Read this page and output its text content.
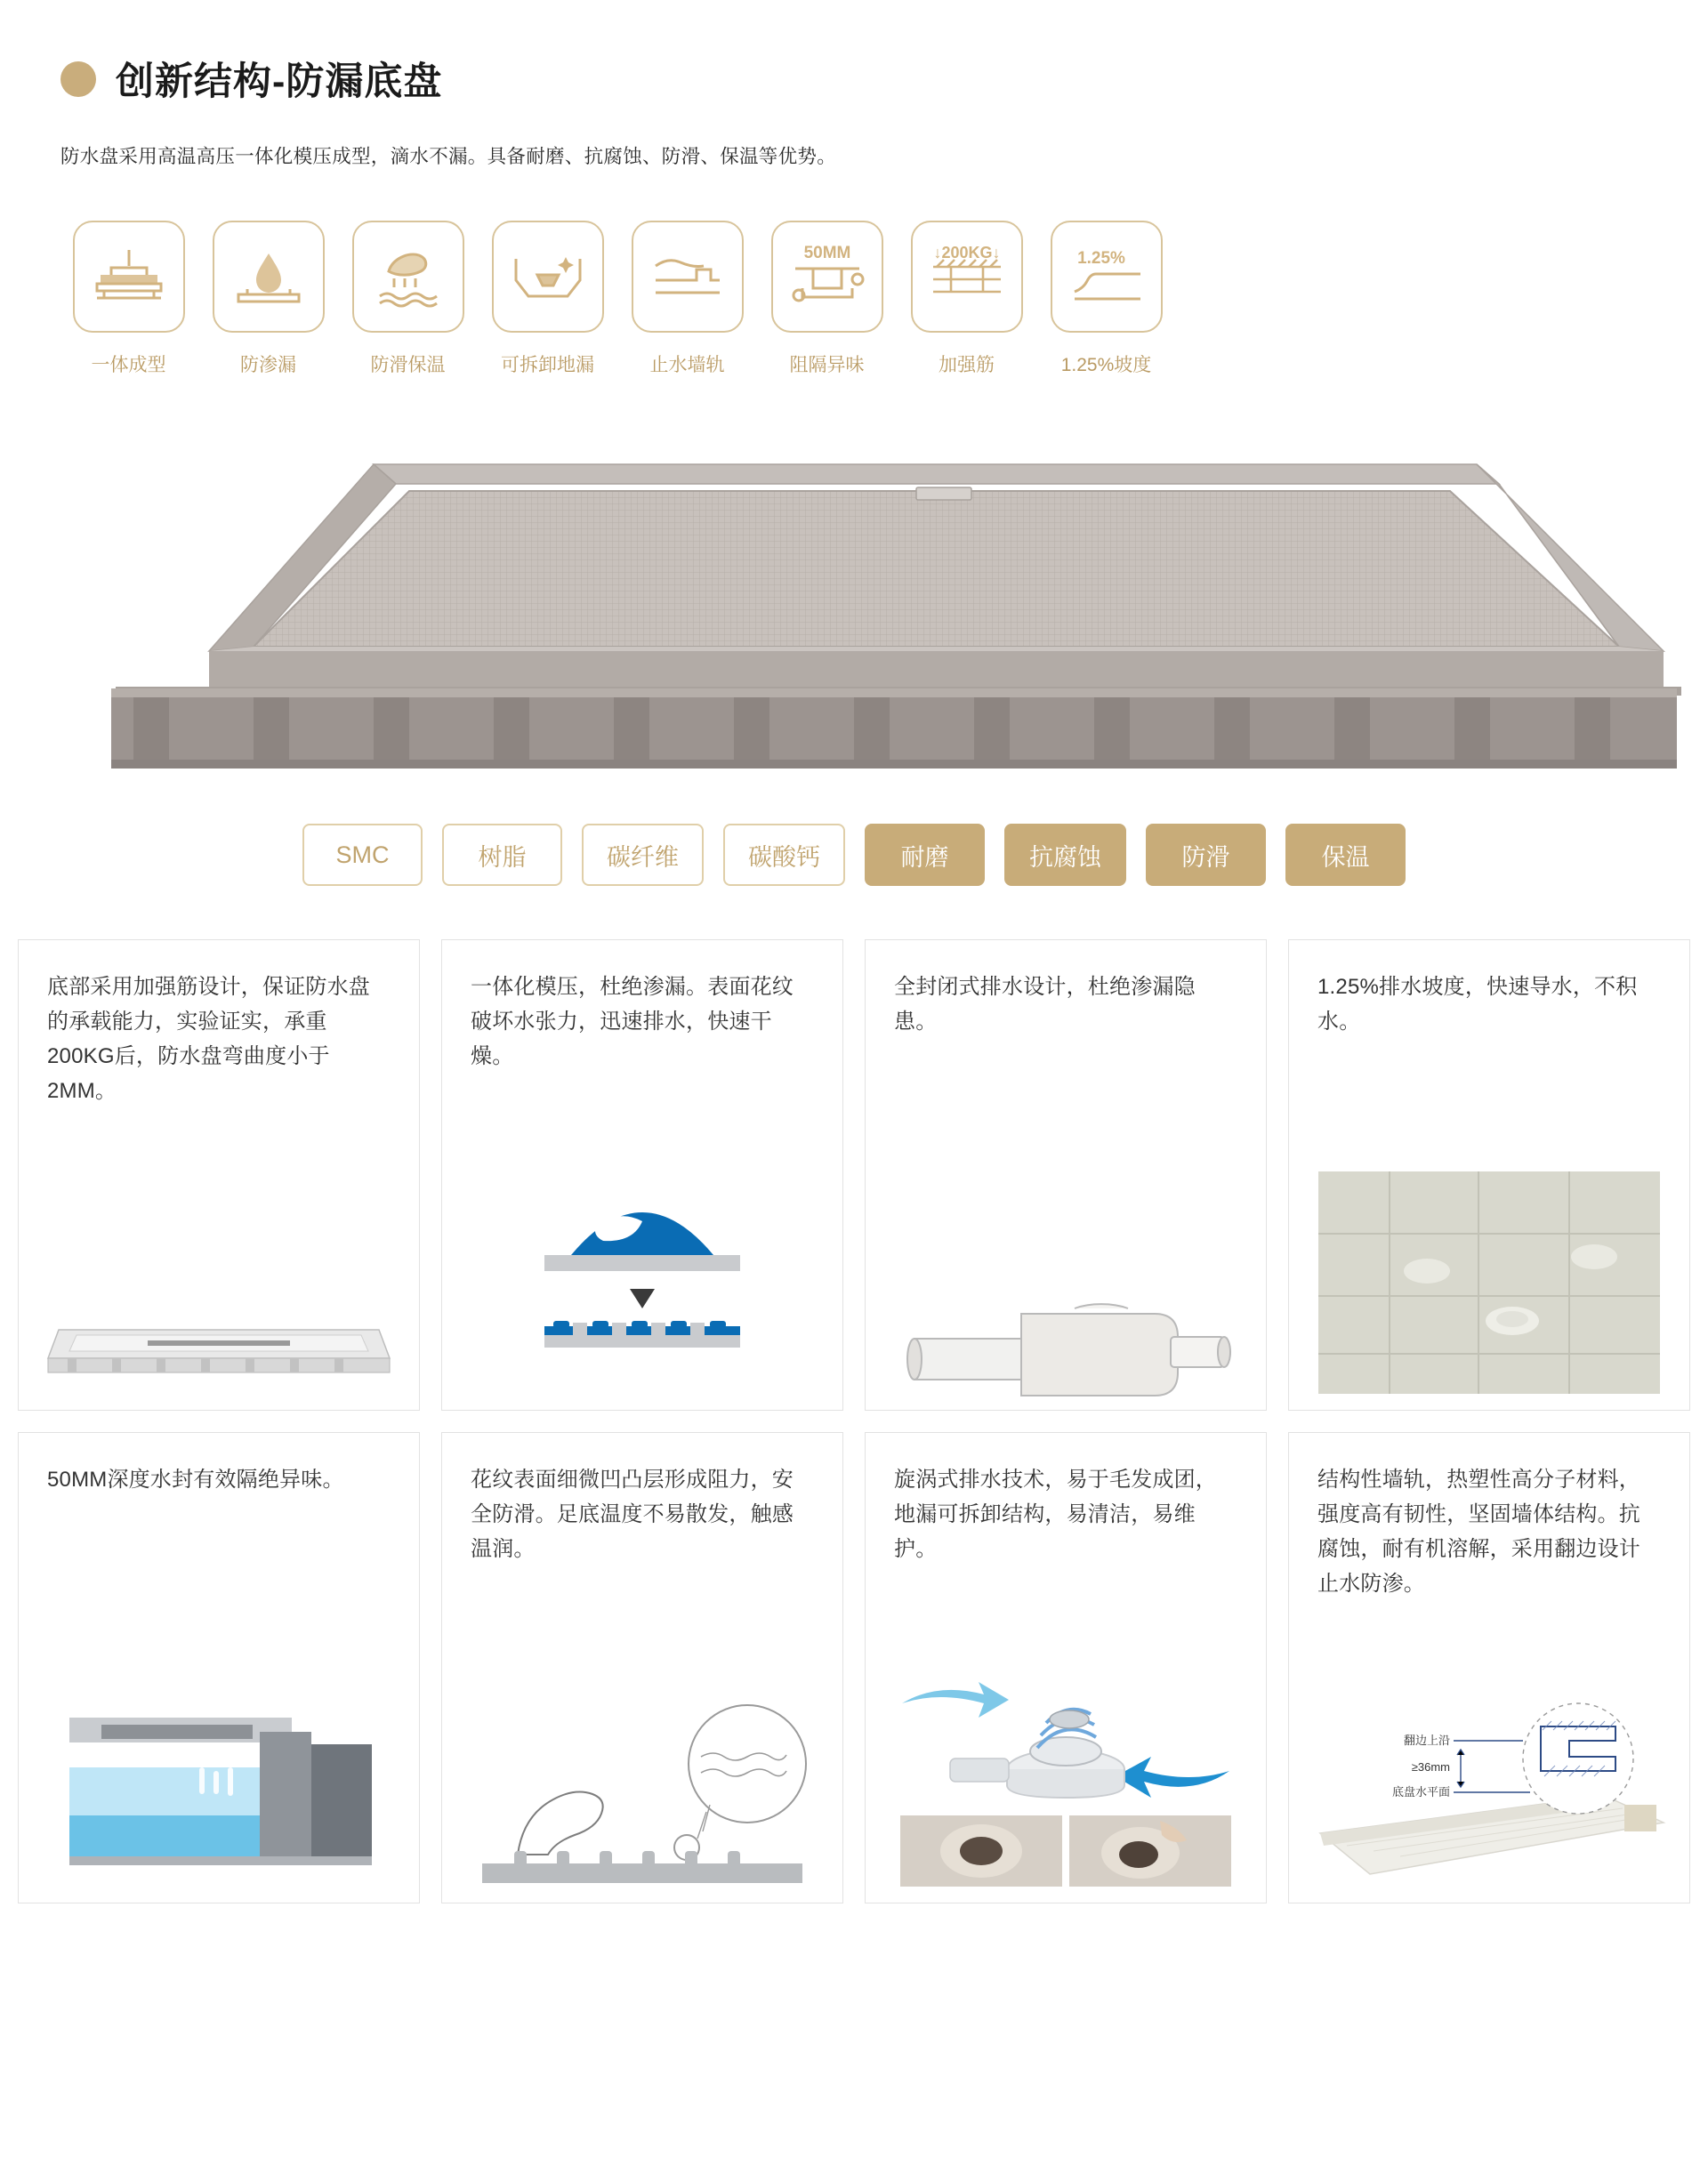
创新结构-防漏底盘
防水盘采用高温高压一体化模压成型，滴水不漏。具备耐磨、抗腐蚀、防滑、保温等优势。
一体成型	防渗漏	防滑保温	可拆卸地漏	止水墙轨
50MM
阻隔异味
↓200KG↓
加强筋
1.25%
1.25%坡度
SMC	树脂	碳纤维	碳酸钙	耐磨	抗腐蚀	防滑	保温
底部采用加强筋设计，保证防水盘的承载能力，实验证实，承重200KG后，防水盘弯曲度小于2MM。
一体化模压，杜绝渗漏。表面花纹破坏水张力，迅速排水，快速干燥。
全封闭式排水设计，杜绝渗漏隐患。
1.25%排水坡度，快速导水，不积水。
50MM深度水封有效隔绝异味。	花纹表面细微凹凸层形成阻力，安全防滑。足底温度不易散发，触感温润。
旋涡式排水技术，易于毛发成团，地漏可拆卸结构，易清洁，易维护。
结构性墙轨，热塑性高分子材料，强度高有韧性，坚固墙体结构。抗腐蚀，耐有机溶解，采用翻边设计止水防渗。
翻边上沿
≥36mm
底盘水平面
